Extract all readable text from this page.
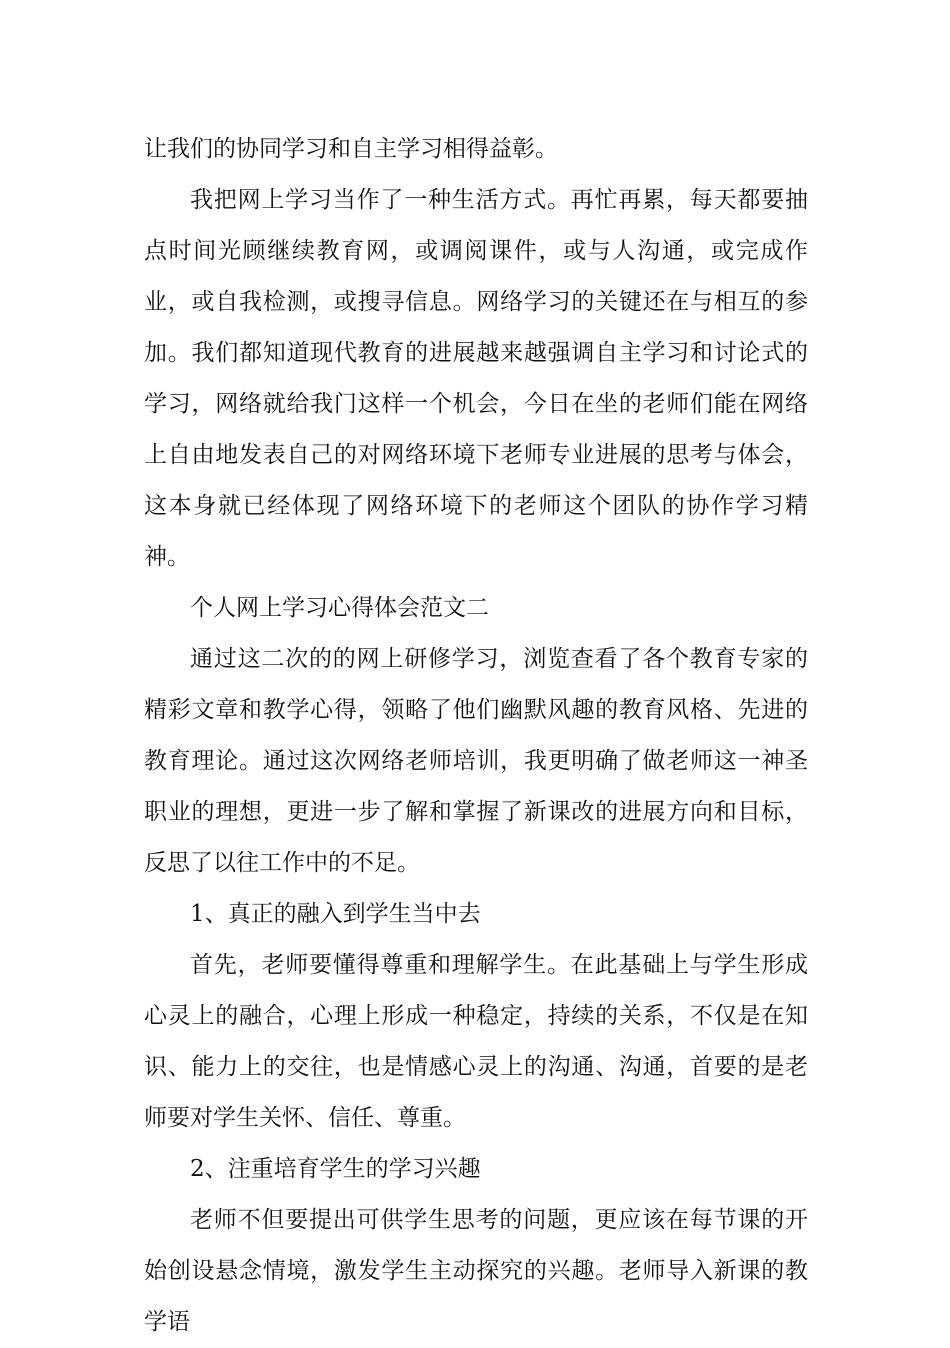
让我们的协同学习和自主学习相得益彰。

我把网上学习当作了一种生活方式。再忙再累，每天都要抽点时间光顾继续教育网，或调阅课件，或与人沟通，或完成作业，或自我检测，或搜寻信息。网络学习的关键还在与相互的参加。我们都知道现代教育的进展越来越强调自主学习和讨论式的学习，网络就给我门这样一个机会，今日在坐的老师们能在网络上自由地发表自己的对网络环境下老师专业进展的思考与体会，这本身就已经体现了网络环境下的老师这个团队的协作学习精神。

个人网上学习心得体会范文二

通过这二次的的网上研修学习，浏览查看了各个教育专家的精彩文章和教学心得，领略了他们幽默风趣的教育风格、先进的教育理论。通过这次网络老师培训，我更明确了做老师这一神圣职业的理想，更进一步了解和掌握了新课改的进展方向和目标，反思了以往工作中的不足。

1、真正的融入到学生当中去

首先，老师要懂得尊重和理解学生。在此基础上与学生形成心灵上的融合，心理上形成一种稳定，持续的关系，不仅是在知识、能力上的交往，也是情感心灵上的沟通、沟通，首要的是老师要对学生关怀、信任、尊重。

2、注重培育学生的学习兴趣

老师不但要提出可供学生思考的问题，更应该在每节课的开始创设悬念情境，激发学生主动探究的兴趣。老师导入新课的教学语
